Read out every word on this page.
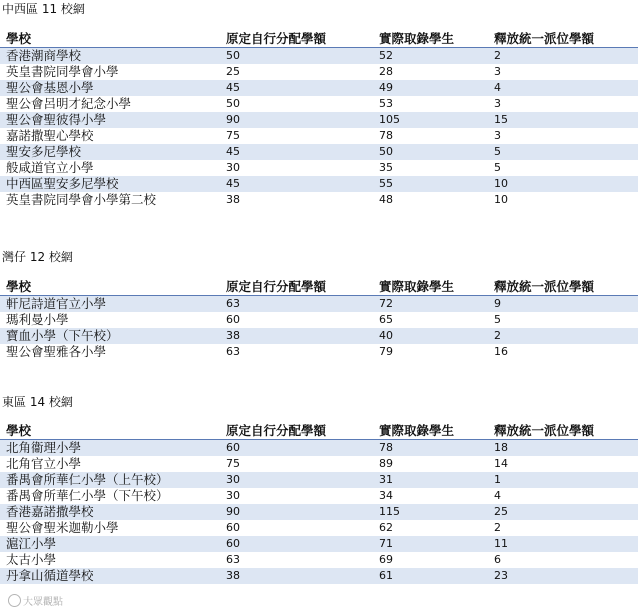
中西區 11 校網
學校	原定自行分配學額	實際取錄學生	釋放統一派位學額
香港潮商學校	50	52	2
英皇書院同學會小學	25	28	3
聖公會基恩小學	45	49	4
聖公會呂明才紀念小學	50	53	3
聖公會聖彼得小學	90	105	15
嘉諾撒聖心學校	75	78	3
聖安多尼學校	45	50	5
般咸道官立小學	30	35	5
中西區聖安多尼學校	45	55	10
英皇書院同學會小學第二校	38	48	10
灣仔 12 校網
學校	原定自行分配學額	實際取錄學生	釋放統一派位學額
軒尼詩道官立小學	63	72	9
瑪利曼小學	60	65	5
寶血小學（下午校）	38	40	2
聖公會聖雅各小學	63	79	16
東區 14 校網
學校	原定自行分配學額	實際取錄學生	釋放統一派位學額
北角衞理小學	60	78	18
北角官立小學	75	89	14
番禺會所華仁小學（上午校）	30	31	1
番禺會所華仁小學（下午校）	30	34	4
香港嘉諾撒學校	90	115	25
聖公會聖米迦勒小學	60	62	2
滬江小學	60	71	11
太古小學	63	69	6
丹拿山循道學校	38	61	23
大眾觀點
